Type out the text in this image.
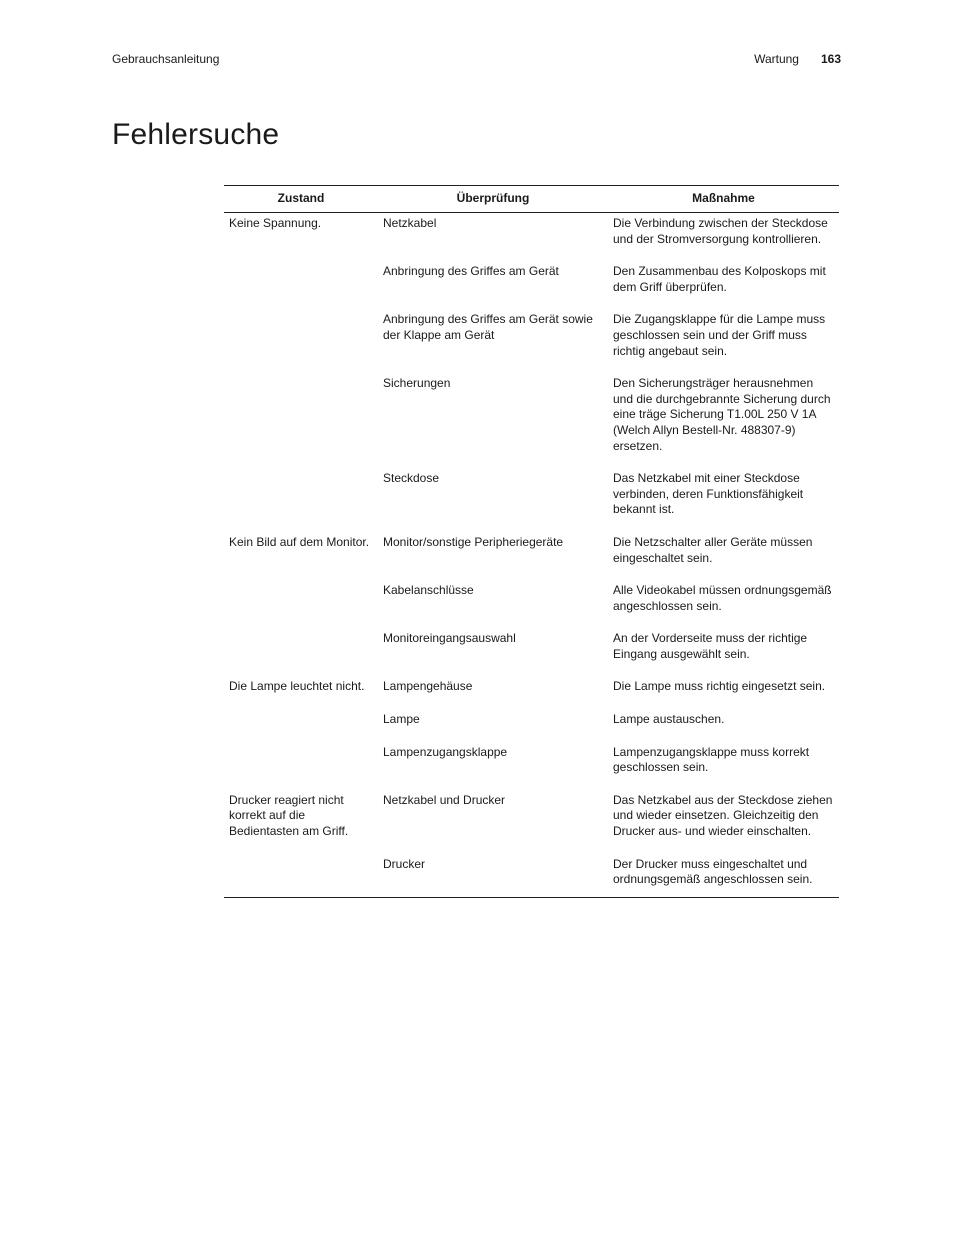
Gebrauchsanleitung	Wartung 163
Fehlersuche
Zustand	Überprüfung	Maßnahme
Keine Spannung.	Netzkabel	Die Verbindung zwischen der Steckdose und der Stromversorgung kontrollieren.

	Anbringung des Griffes am Gerät	Den Zusammenbau des Kolposkops mit dem Griff überprüfen.

	Anbringung des Griffes am Gerät sowie der Klappe am Gerät	Die Zugangsklappe für die Lampe muss geschlossen sein und der Griff muss richtig angebaut sein.

	Sicherungen	Den Sicherungsträger herausnehmen und die durchgebrannte Sicherung durch eine träge Sicherung T1.00L 250 V 1A (Welch Allyn Bestell-Nr. 488307-9) ersetzen.

	Steckdose	Das Netzkabel mit einer Steckdose verbinden, deren Funktionsfähigkeit bekannt ist.

Kein Bild auf dem Monitor.	Monitor/sonstige Peripheriegeräte	Die Netzschalter aller Geräte müssen eingeschaltet sein.

	Kabelanschlüsse	Alle Videokabel müssen ordnungsgemäß angeschlossen sein.

	Monitoreingangsauswahl	An der Vorderseite muss der richtige Eingang ausgewählt sein.

Die Lampe leuchtet nicht.	Lampengehäuse	Die Lampe muss richtig eingesetzt sein.

	Lampe	Lampe austauschen.

	Lampenzugangsklappe	Lampenzugangsklappe muss korrekt geschlossen sein.

Drucker reagiert nicht korrekt auf die Bedientasten am Griff.	Netzkabel und Drucker	Das Netzkabel aus der Steckdose ziehen und wieder einsetzen. Gleichzeitig den Drucker aus- und wieder einschalten.

	Drucker	Der Drucker muss eingeschaltet und ordnungsgemäß angeschlossen sein.
